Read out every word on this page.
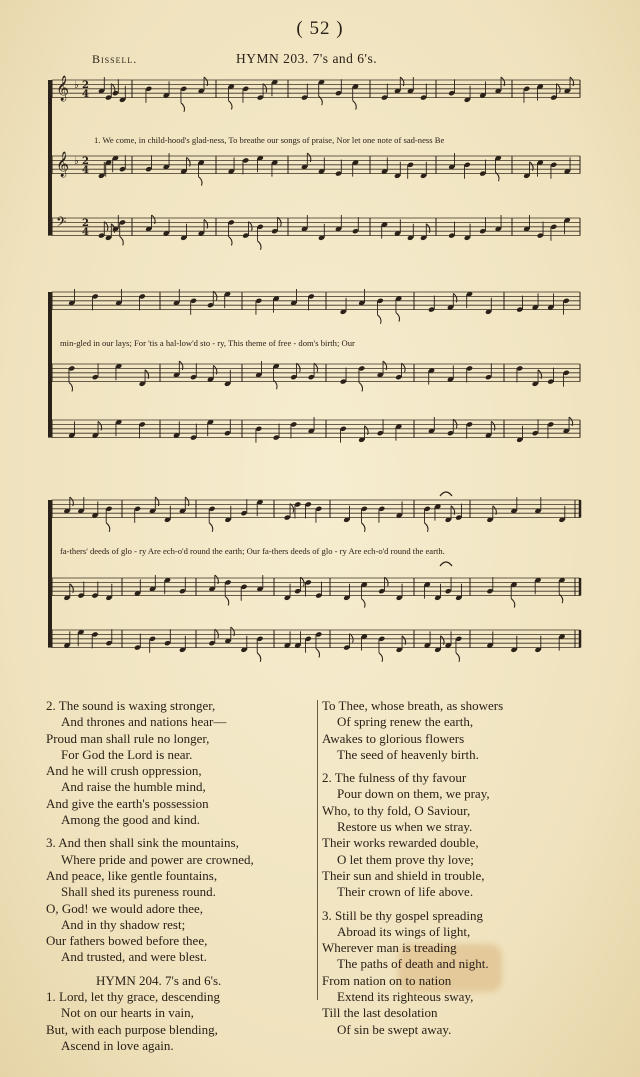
( 52 )
Bissell.	HYMN 203. 7's and 6's.
𝄞 ♭ 2
4
𝄞 ♭ 2
4
𝄢 2
4
1. We come, in child-hood's glad-ness, To breathe our songs of praise, Nor let one note of sad-ness Be
min-gled in our lays; For 'tis a hal-low'd sto - ry, This theme of free - dom's birth; Our
fa-thers' deeds of glo - ry Are ech-o'd round the earth; Our fa-thers deeds of glo - ry Are ech-o'd round the earth.
2. The sound is waxing stronger,
And thrones and nations hear—
Proud man shall rule no longer,
For God the Lord is near.
And he will crush oppression,
And raise the humble mind,
And give the earth's possession
Among the good and kind.
3. And then shall sink the mountains,
Where pride and power are crowned,
And peace, like gentle fountains,
Shall shed its pureness round.
O, God! we would adore thee,
And in thy shadow rest;
Our fathers bowed before thee,
And trusted, and were blest.
HYMN 204. 7's and 6's.
1. Lord, let thy grace, descending
Not on our hearts in vain,
But, with each purpose blending,
Ascend in love again.
To Thee, whose breath, as showers
Of spring renew the earth,
Awakes to glorious flowers
The seed of heavenly birth.
2. The fulness of thy favour
Pour down on them, we pray,
Who, to thy fold, O Saviour,
Restore us when we stray.
Their works rewarded double,
O let them prove thy love;
Their sun and shield in trouble,
Their crown of life above.
3. Still be thy gospel spreading
Abroad its wings of light,
Wherever man is treading
The paths of death and night.
From nation on to nation
Extend its righteous sway,
Till the last desolation
Of sin be swept away.
